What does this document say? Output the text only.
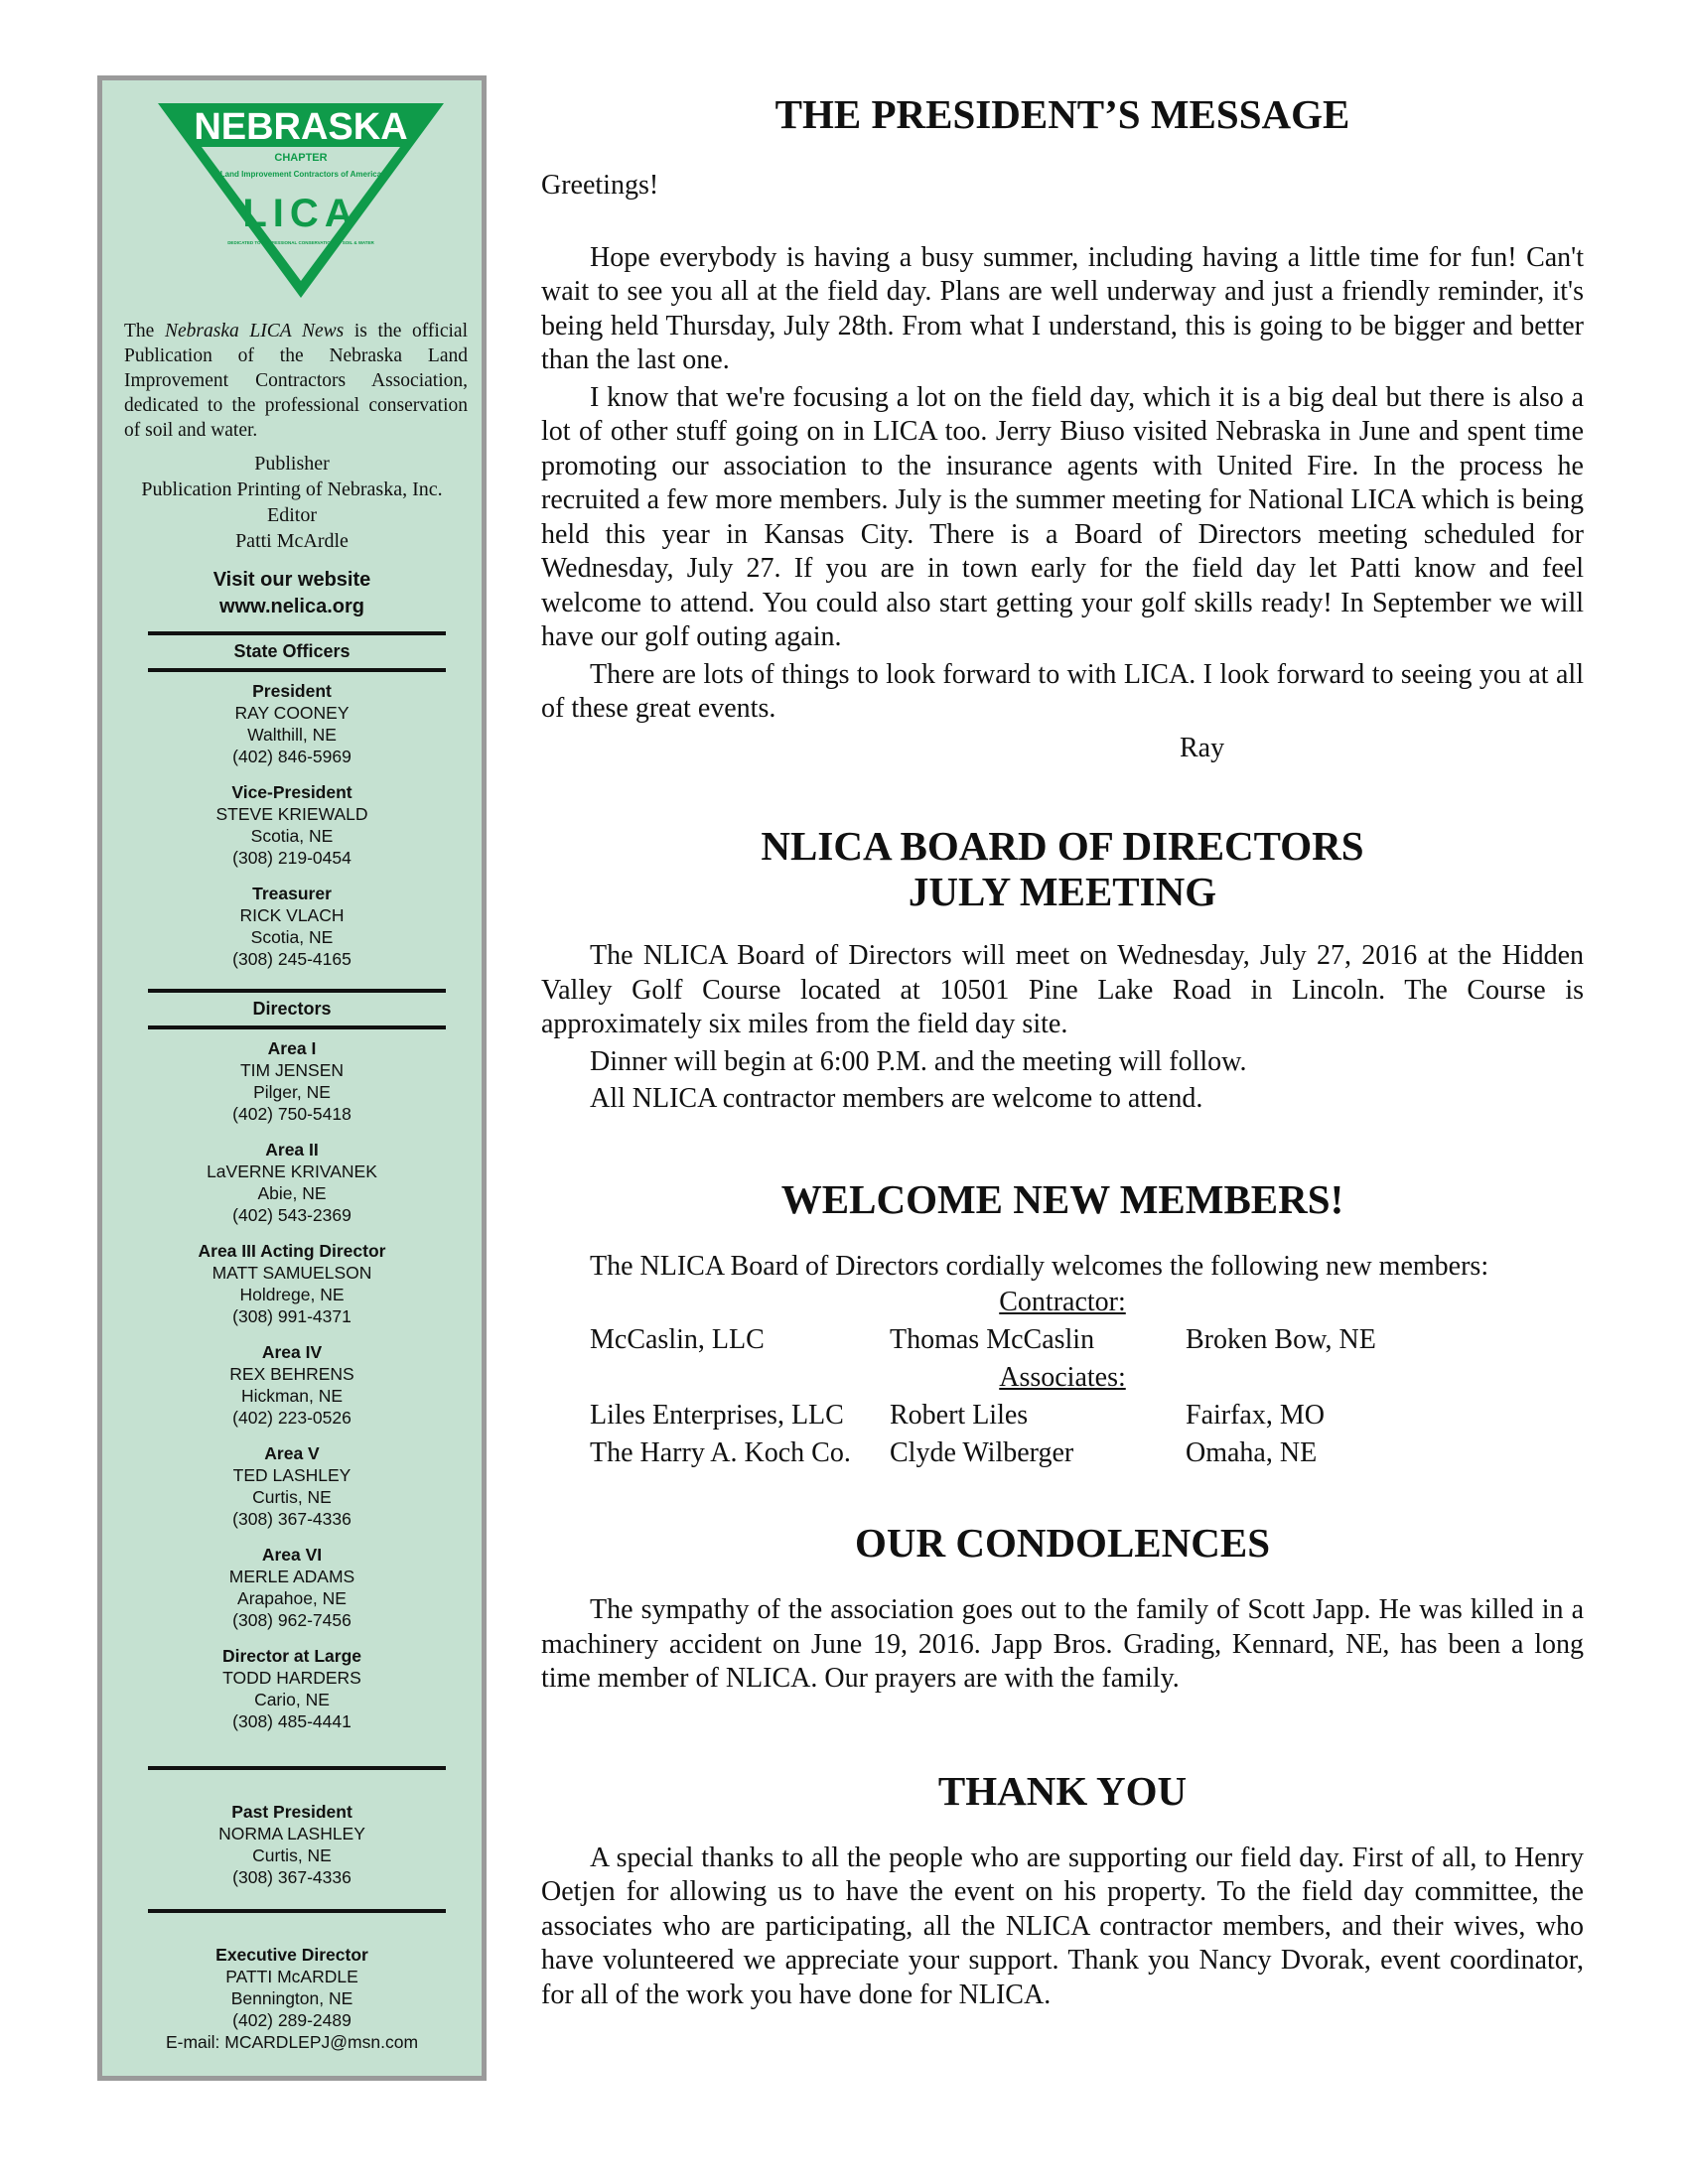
NEBRASKA
CHAPTER
Land Improvement Contractors of America
LICA
DEDICATED TO PROFESSIONAL CONSERVATION OF SOIL & WATER
The Nebraska LICA News is the official Publication of the Nebraska Land Improvement Contractors Association, dedicated to the professional conservation of soil and water.
Publisher
Publication Printing of Nebraska, Inc.
Editor
Patti McArdle
Visit our website
www.nelica.org
State Officers
President
RAY COONEY
Walthill, NE
(402) 846-5969
Vice-President
STEVE KRIEWALD
Scotia, NE
(308) 219-0454
Treasurer
RICK VLACH
Scotia, NE
(308) 245-4165
Directors
Area I
TIM JENSEN
Pilger, NE
(402) 750-5418
Area II
LaVERNE KRIVANEK
Abie, NE
(402) 543-2369
Area III Acting Director
MATT SAMUELSON
Holdrege, NE
(308) 991-4371
Area IV
REX BEHRENS
Hickman, NE
(402) 223-0526
Area V
TED LASHLEY
Curtis, NE
(308) 367-4336
Area VI
MERLE ADAMS
Arapahoe, NE
(308) 962-7456
Director at Large
TODD HARDERS
Cario, NE
(308) 485-4441
Past President
NORMA LASHLEY
Curtis, NE
(308) 367-4336
Executive Director
PATTI McARDLE
Bennington, NE
(402) 289-2489
E-mail: MCARDLEPJ@msn.com
THE PRESIDENT’S MESSAGE

Greetings!

Hope everybody is having a busy summer, including having a little time for fun! Can't wait to see you all at the field day. Plans are well underway and just a friendly reminder, it's being held Thursday, July 28th. From what I understand, this is going to be bigger and better than the last one.

I know that we're focusing a lot on the field day, which it is a big deal but there is also a lot of other stuff going on in LICA too. Jerry Biuso visited Nebraska in June and spent time promoting our association to the insurance agents with United Fire. In the process he recruited a few more members. July is the summer meeting for National LICA which is being held this year in Kansas City. There is a Board of Directors meeting scheduled for Wednesday, July 27. If you are in town early for the field day let Patti know and feel welcome to attend. You could also start getting your golf skills ready! In September we will have our golf outing again.

There are lots of things to look forward to with LICA. I look forward to seeing you at all of these great events.

Ray

NLICA BOARD OF DIRECTORS
JULY MEETING

The NLICA Board of Directors will meet on Wednesday, July 27, 2016 at the Hidden Valley Golf Course located at 10501 Pine Lake Road in Lincoln. The Course is approximately six miles from the field day site.

Dinner will begin at 6:00 P.M. and the meeting will follow.

All NLICA contractor members are welcome to attend.

WELCOME NEW MEMBERS!

The NLICA Board of Directors cordially welcomes the following new members:

Contractor:		
McCaslin, LLC	Thomas McCaslin	Broken Bow, NE
Associates:		
Liles Enterprises, LLC	Robert Liles	Fairfax, MO
The Harry A. Koch Co.	Clyde Wilberger	Omaha, NE
OUR CONDOLENCES

The sympathy of the association goes out to the family of Scott Japp. He was killed in a machinery accident on June 19, 2016. Japp Bros. Grading, Kennard, NE, has been a long time member of NLICA. Our prayers are with the family.

THANK YOU

A special thanks to all the people who are supporting our field day. First of all, to Henry Oetjen for allowing us to have the event on his property. To the field day committee, the associates who are participating, all the NLICA contractor members, and their wives, who have volunteered we appreciate your support. Thank you Nancy Dvorak, event coordinator, for all of the work you have done for NLICA.
